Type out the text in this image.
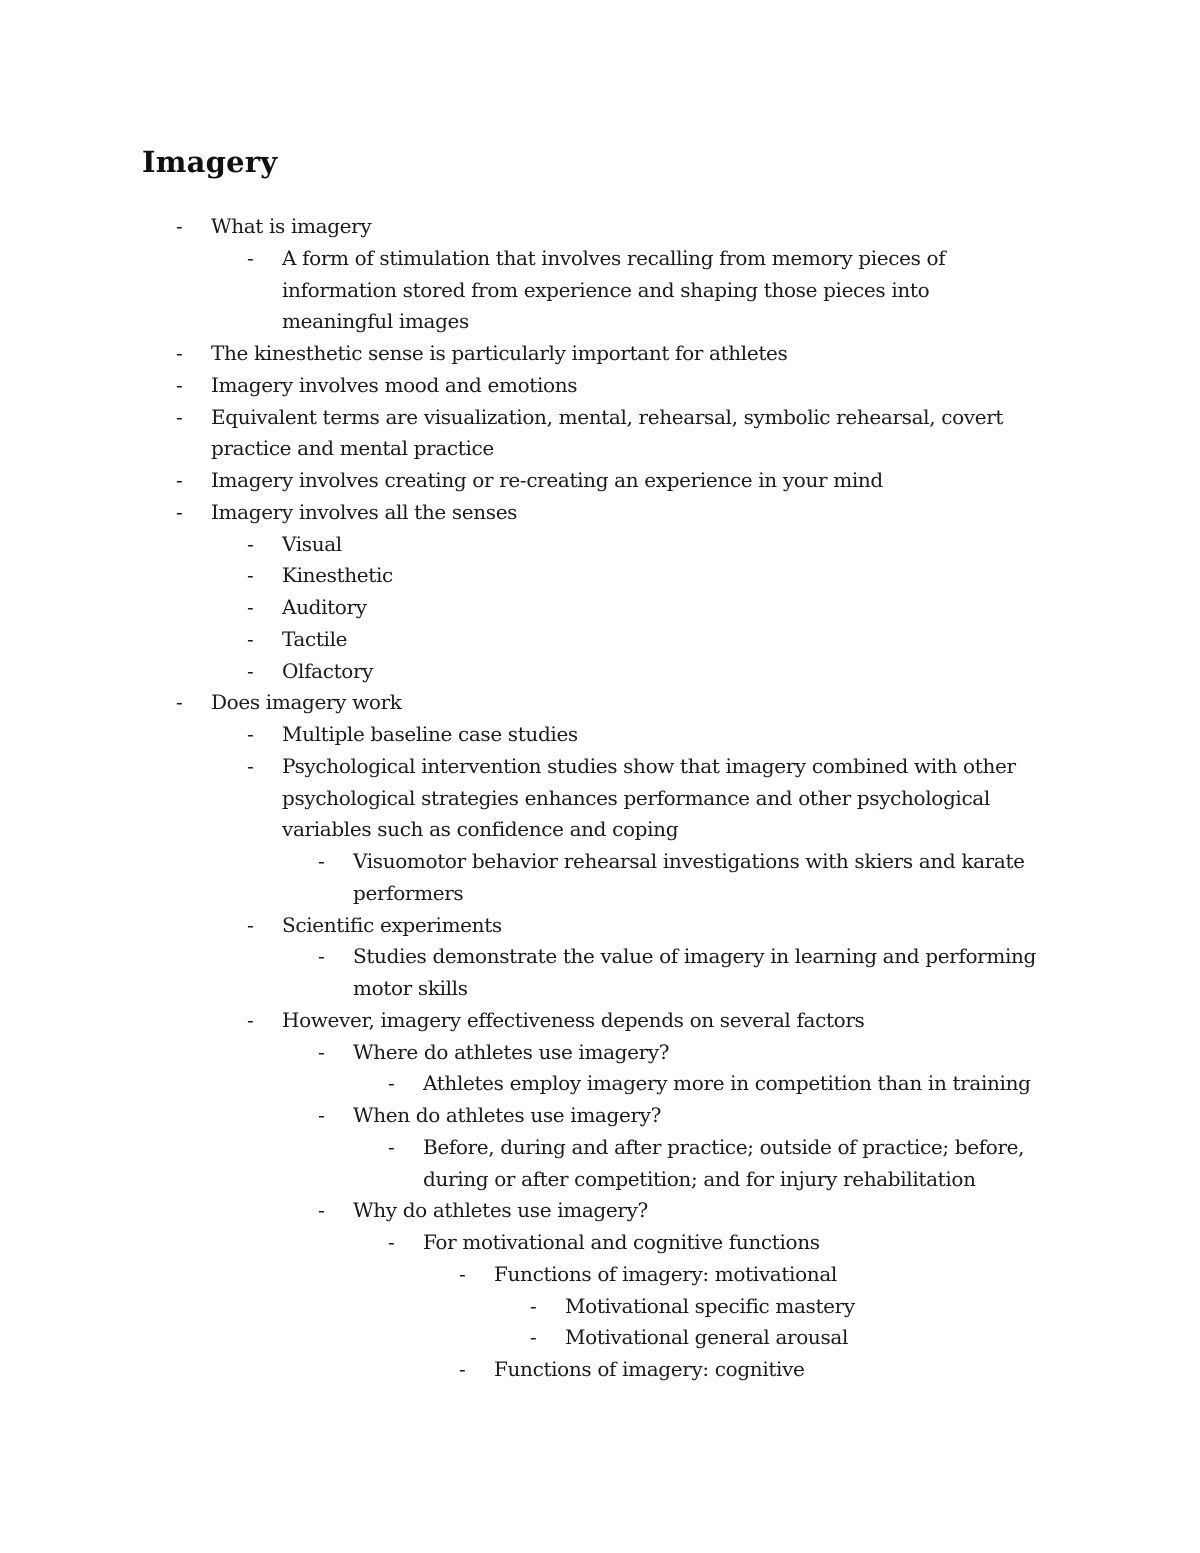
Imagery
- What is imagery
- A form of stimulation that involves recalling from memory pieces of information stored from experience and shaping those pieces into meaningful images
- The kinesthetic sense is particularly important for athletes
- Imagery involves mood and emotions
- Equivalent terms are visualization, mental, rehearsal, symbolic rehearsal, covert practice and mental practice
- Imagery involves creating or re-creating an experience in your mind
- Imagery involves all the senses
- Visual
- Kinesthetic
- Auditory
- Tactile
- Olfactory
- Does imagery work
- Multiple baseline case studies
- Psychological intervention studies show that imagery combined with other psychological strategies enhances performance and other psychological variables such as confidence and coping
- Visuomotor behavior rehearsal investigations with skiers and karate performers
- Scientific experiments
- Studies demonstrate the value of imagery in learning and performing motor skills
- However, imagery effectiveness depends on several factors
- Where do athletes use imagery?
- Athletes employ imagery more in competition than in training
- When do athletes use imagery?
- Before, during and after practice; outside of practice; before, during or after competition; and for injury rehabilitation
- Why do athletes use imagery?
- For motivational and cognitive functions
- Functions of imagery: motivational
- Motivational specific mastery
- Motivational general arousal
- Functions of imagery: cognitive
